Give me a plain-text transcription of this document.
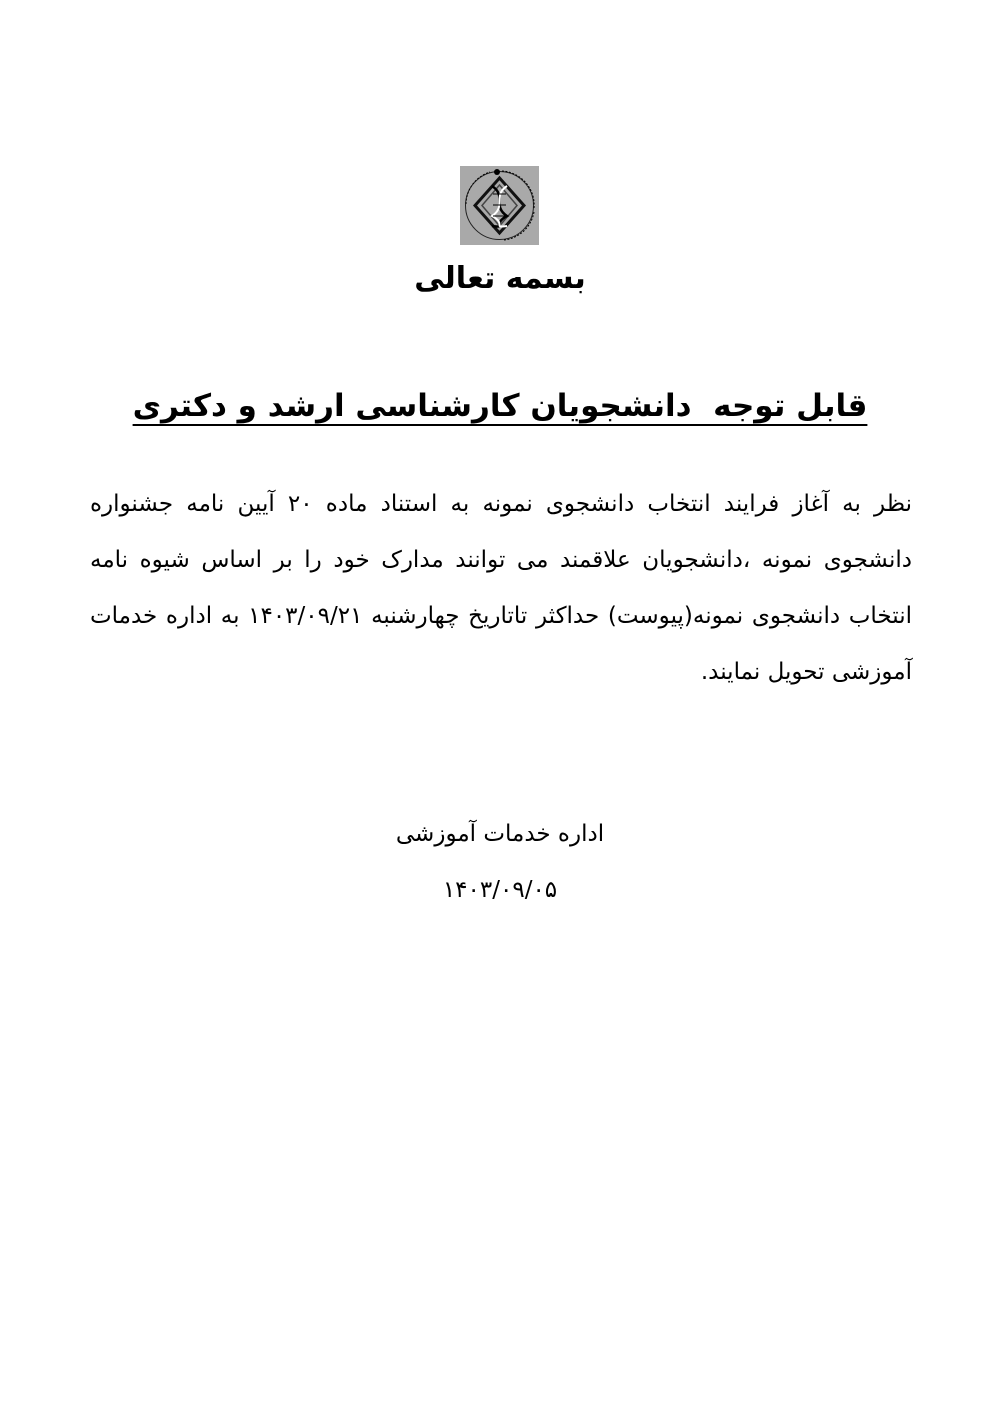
بسمه تعالی
قابل توجه  دانشجویان کارشناسی ارشد و دکتری
نظر به آغاز فرایند انتخاب دانشجوی نمونه به استناد ماده ۲۰ آیین نامه جشنواره دانشجوی نمونه ،دانشجویان علاقمند می توانند مدارک خود را بر اساس شیوه نامه انتخاب دانشجوی نمونه(پیوست) حداکثر تاتاریخ چهارشنبه ۱۴۰۳/۰۹/۲۱ به اداره خدمات آموزشی تحویل نمایند.
اداره خدمات آموزشی
۱۴۰۳/۰۹/۰۵
